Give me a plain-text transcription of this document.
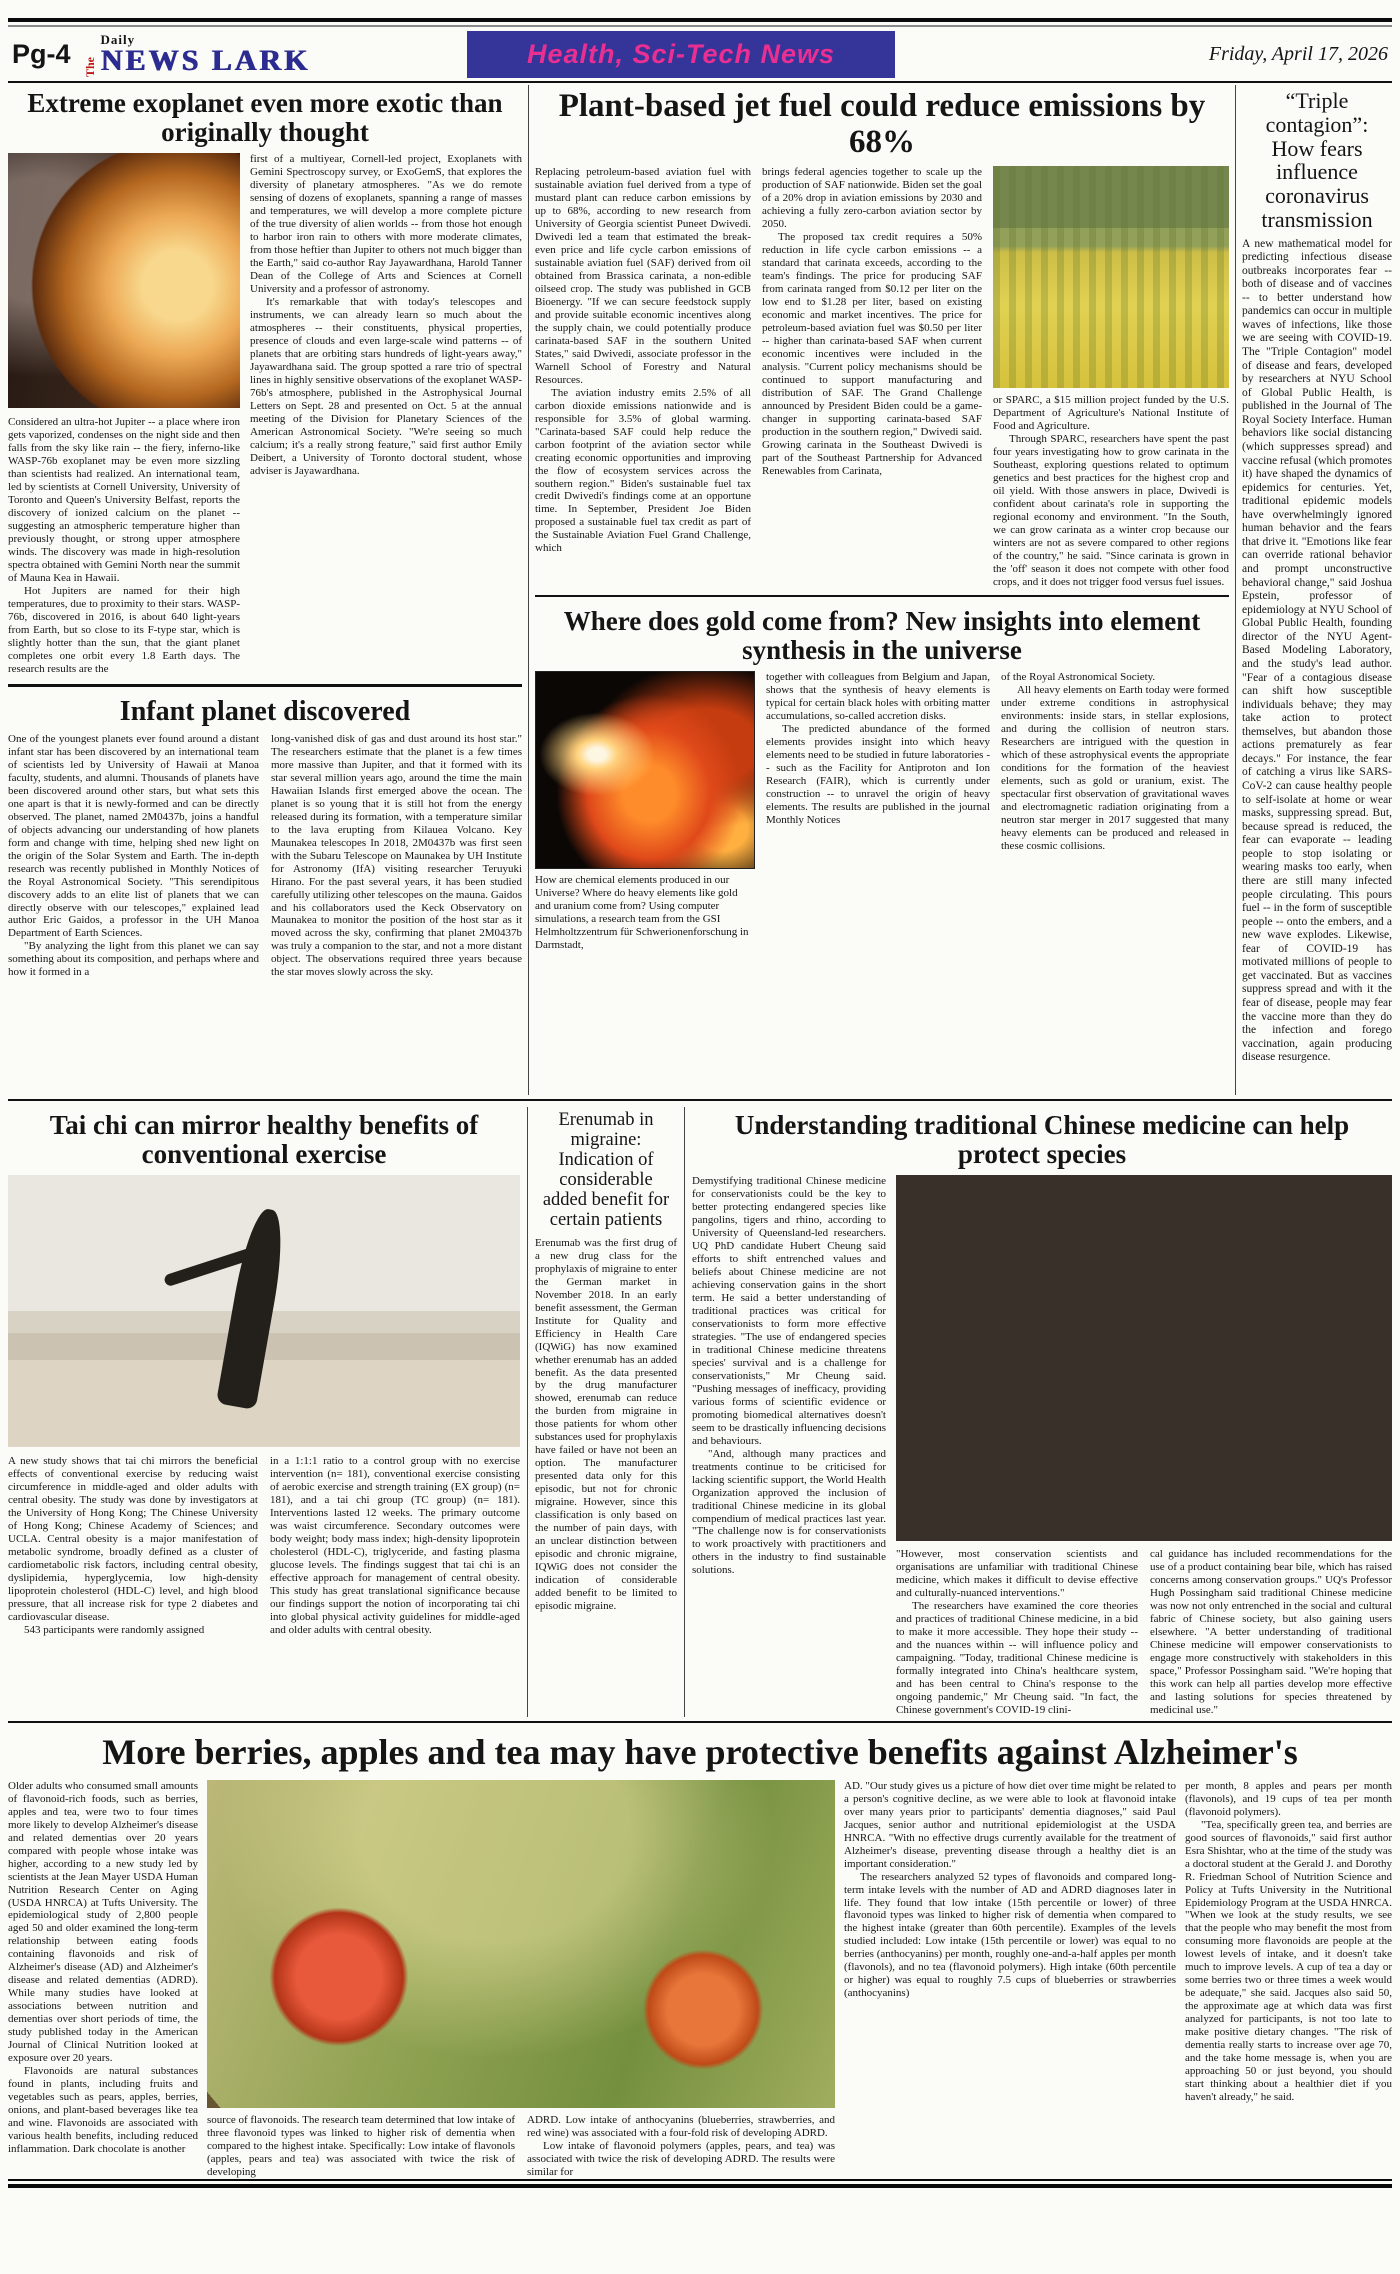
Pg-4 The
Daily
NEWS LARK	Health, Sci-Tech News	Friday, April 17, 2026
Extreme exoplanet even more exotic than originally thought

Considered an ultra-hot Jupiter -- a place where iron gets vaporized, condenses on the night side and then falls from the sky like rain -- the fiery, inferno-like WASP-76b exoplanet may be even more sizzling than scientists had realized. An international team, led by scientists at Cornell University, University of Toronto and Queen's University Belfast, reports the discovery of ionized calcium on the planet -- suggesting an atmospheric temperature higher than previously thought, or strong upper atmosphere winds. The discovery was made in high-resolution spectra obtained with Gemini North near the summit of Mauna Kea in Hawaii.

Hot Jupiters are named for their high temperatures, due to proximity to their stars. WASP-76b, discovered in 2016, is about 640 light-years from Earth, but so close to its F-type star, which is slightly hotter than the sun, that the giant planet completes one orbit every 1.8 Earth days. The research results are the

first of a multiyear, Cornell-led project, Exoplanets with Gemini Spectroscopy survey, or ExoGemS, that explores the diversity of planetary atmospheres. "As we do remote sensing of dozens of exoplanets, spanning a range of masses and temperatures, we will develop a more complete picture of the true diversity of alien worlds -- from those hot enough to harbor iron rain to others with more moderate climates, from those heftier than Jupiter to others not much bigger than the Earth," said co-author Ray Jayawardhana, Harold Tanner Dean of the College of Arts and Sciences at Cornell University and a professor of astronomy.

It's remarkable that with today's telescopes and instruments, we can already learn so much about the atmospheres -- their constituents, physical properties, presence of clouds and even large-scale wind patterns -- of planets that are orbiting stars hundreds of light-years away," Jayawardhana said. The group spotted a rare trio of spectral lines in highly sensitive observations of the exoplanet WASP-76b's atmosphere, published in the Astrophysical Journal Letters on Sept. 28 and presented on Oct. 5 at the annual meeting of the Division for Planetary Sciences of the American Astronomical Society. "We're seeing so much calcium; it's a really strong feature," said first author Emily Deibert, a University of Toronto doctoral student, whose adviser is Jayawardhana.

Infant planet discovered

One of the youngest planets ever found around a distant infant star has been discovered by an international team of scientists led by University of Hawaii at Manoa faculty, students, and alumni. Thousands of planets have been discovered around other stars, but what sets this one apart is that it is newly-formed and can be directly observed. The planet, named 2M0437b, joins a handful of objects advancing our understanding of how planets form and change with time, helping shed new light on the origin of the Solar System and Earth. The in-depth research was recently published in Monthly Notices of the Royal Astronomical Society. "This serendipitous discovery adds to an elite list of planets that we can directly observe with our telescopes," explained lead author Eric Gaidos, a professor in the UH Manoa Department of Earth Sciences.

"By analyzing the light from this planet we can say something about its composition, and perhaps where and how it formed in a

long-vanished disk of gas and dust around its host star." The researchers estimate that the planet is a few times more massive than Jupiter, and that it formed with its star several million years ago, around the time the main Hawaiian Islands first emerged above the ocean. The planet is so young that it is still hot from the energy released during its formation, with a temperature similar to the lava erupting from Kilauea Volcano. Key Maunakea telescopes In 2018, 2M0437b was first seen with the Subaru Telescope on Maunakea by UH Institute for Astronomy (IfA) visiting researcher Teruyuki Hirano. For the past several years, it has been studied carefully utilizing other telescopes on the mauna. Gaidos and his collaborators used the Keck Observatory on Maunakea to monitor the position of the host star as it moved across the sky, confirming that planet 2M0437b was truly a companion to the star, and not a more distant object. The observations required three years because the star moves slowly across the sky.

Plant-based jet fuel could reduce emissions by 68%

Replacing petroleum-based aviation fuel with sustainable aviation fuel derived from a type of mustard plant can reduce carbon emissions by up to 68%, according to new research from University of Georgia scientist Puneet Dwivedi. Dwivedi led a team that estimated the break-even price and life cycle carbon emissions of sustainable aviation fuel (SAF) derived from oil obtained from Brassica carinata, a non-edible oilseed crop. The study was published in GCB Bioenergy. "If we can secure feedstock supply and provide suitable economic incentives along the supply chain, we could potentially produce carinata-based SAF in the southern United States," said Dwivedi, associate professor in the Warnell School of Forestry and Natural Resources.

The aviation industry emits 2.5% of all carbon dioxide emissions nationwide and is responsible for 3.5% of global warming. "Carinata-based SAF could help reduce the carbon footprint of the aviation sector while creating economic opportunities and improving the flow of ecosystem services across the southern region." Biden's sustainable fuel tax credit Dwivedi's findings come at an opportune time. In September, President Joe Biden proposed a sustainable fuel tax credit as part of the Sustainable Aviation Fuel Grand Challenge, which

brings federal agencies together to scale up the production of SAF nationwide. Biden set the goal of a 20% drop in aviation emissions by 2030 and achieving a fully zero-carbon aviation sector by 2050.

The proposed tax credit requires a 50% reduction in life cycle carbon emissions -- a standard that carinata exceeds, according to the team's findings. The price for producing SAF from carinata ranged from $0.12 per liter on the low end to $1.28 per liter, based on existing economic and market incentives. The price for petroleum-based aviation fuel was $0.50 per liter -- higher than carinata-based SAF when current economic incentives were included in the analysis. "Current policy mechanisms should be continued to support manufacturing and distribution of SAF. The Grand Challenge announced by President Biden could be a game-changer in supporting carinata-based SAF production in the southern region," Dwivedi said. Growing carinata in the Southeast Dwivedi is part of the Southeast Partnership for Advanced Renewables from Carinata,

or SPARC, a $15 million project funded by the U.S. Department of Agriculture's National Institute of Food and Agriculture.

Through SPARC, researchers have spent the past four years investigating how to grow carinata in the Southeast, exploring questions related to optimum genetics and best practices for the highest crop and oil yield. With those answers in place, Dwivedi is confident about carinata's role in supporting the regional economy and environment. "In the South, we can grow carinata as a winter crop because our winters are not as severe compared to other regions of the country," he said. "Since carinata is grown in the 'off' season it does not compete with other food crops, and it does not trigger food versus fuel issues.

Where does gold come from? New insights into element synthesis in the universe
How are chemical elements produced in our Universe? Where do heavy elements like gold and uranium come from? Using computer simulations, a research team from the GSI Helmholtzzentrum für Schwerionenforschung in Darmstadt,

together with colleagues from Belgium and Japan, shows that the synthesis of heavy elements is typical for certain black holes with orbiting matter accumulations, so-called accretion disks.

The predicted abundance of the formed elements provides insight into which heavy elements need to be studied in future laboratories -- such as the Facility for Antiproton and Ion Research (FAIR), which is currently under construction -- to unravel the origin of heavy elements. The results are published in the journal Monthly Notices

of the Royal Astronomical Society.

All heavy elements on Earth today were formed under extreme conditions in astrophysical environments: inside stars, in stellar explosions, and during the collision of neutron stars. Researchers are intrigued with the question in which of these astrophysical events the appropriate conditions for the formation of the heaviest elements, such as gold or uranium, exist. The spectacular first observation of gravitational waves and electromagnetic radiation originating from a neutron star merger in 2017 suggested that many heavy elements can be produced and released in these cosmic collisions.

“Triple contagion”: How fears influence coronavirus transmission

A new mathematical model for predicting infectious disease outbreaks incorporates fear -- both of disease and of vaccines -- to better understand how pandemics can occur in multiple waves of infections, like those we are seeing with COVID-19. The "Triple Contagion" model of disease and fears, developed by researchers at NYU School of Global Public Health, is published in the Journal of The Royal Society Interface. Human behaviors like social distancing (which suppresses spread) and vaccine refusal (which promotes it) have shaped the dynamics of epidemics for centuries. Yet, traditional epidemic models have overwhelmingly ignored human behavior and the fears that drive it. "Emotions like fear can override rational behavior and prompt unconstructive behavioral change," said Joshua Epstein, professor of epidemiology at NYU School of Global Public Health, founding director of the NYU Agent-Based Modeling Laboratory, and the study's lead author. "Fear of a contagious disease can shift how susceptible individuals behave; they may take action to protect themselves, but abandon those actions prematurely as fear decays." For instance, the fear of catching a virus like SARS-CoV-2 can cause healthy people to self-isolate at home or wear masks, suppressing spread. But, because spread is reduced, the fear can evaporate -- leading people to stop isolating or wearing masks too early, when there are still many infected people circulating. This pours fuel -- in the form of susceptible people -- onto the embers, and a new wave explodes. Likewise, fear of COVID-19 has motivated millions of people to get vaccinated. But as vaccines suppress spread and with it the fear of disease, people may fear the vaccine more than they do the infection and forego vaccination, again producing disease resurgence.

Tai chi can mirror healthy benefits of conventional exercise

A new study shows that tai chi mirrors the beneficial effects of conventional exercise by reducing waist circumference in middle-aged and older adults with central obesity. The study was done by investigators at the University of Hong Kong; The Chinese University of Hong Kong; Chinese Academy of Sciences; and UCLA. Central obesity is a major manifestation of metabolic syndrome, broadly defined as a cluster of cardiometabolic risk factors, including central obesity, dyslipidemia, hyperglycemia, low high-density lipoprotein cholesterol (HDL-C) level, and high blood pressure, that all increase risk for type 2 diabetes and cardiovascular disease.

543 participants were randomly assigned

in a 1:1:1 ratio to a control group with no exercise intervention (n= 181), conventional exercise consisting of aerobic exercise and strength training (EX group) (n= 181), and a tai chi group (TC group) (n= 181). Interventions lasted 12 weeks. The primary outcome was waist circumference. Secondary outcomes were body weight; body mass index; high-density lipoprotein cholesterol (HDL-C), triglyceride, and fasting plasma glucose levels. The findings suggest that tai chi is an effective approach for management of central obesity. This study has great translational significance because our findings support the notion of incorporating tai chi into global physical activity guidelines for middle-aged and older adults with central obesity.

Erenumab in migraine: Indication of considerable added benefit for certain patients

Erenumab was the first drug of a new drug class for the prophylaxis of migraine to enter the German market in November 2018. In an early benefit assessment, the German Institute for Quality and Efficiency in Health Care (IQWiG) has now examined whether erenumab has an added benefit. As the data presented by the drug manufacturer showed, erenumab can reduce the burden from migraine in those patients for whom other substances used for prophylaxis have failed or have not been an option. The manufacturer presented data only for this episodic, but not for chronic migraine. However, since this classification is only based on the number of pain days, with an unclear distinction between episodic and chronic migraine, IQWiG does not consider the indication of considerable added benefit to be limited to episodic migraine.

Understanding traditional Chinese medicine can help protect species

Demystifying traditional Chinese medicine for conservationists could be the key to better protecting endangered species like pangolins, tigers and rhino, according to University of Queensland-led researchers. UQ PhD candidate Hubert Cheung said efforts to shift entrenched values and beliefs about Chinese medicine are not achieving conservation gains in the short term. He said a better understanding of traditional practices was critical for conservationists to form more effective strategies. "The use of endangered species in traditional Chinese medicine threatens species' survival and is a challenge for conservationists," Mr Cheung said. "Pushing messages of inefficacy, providing various forms of scientific evidence or promoting biomedical alternatives doesn't seem to be drastically influencing decisions and behaviours.

"And, although many practices and treatments continue to be criticised for lacking scientific support, the World Health Organization approved the inclusion of traditional Chinese medicine in its global compendium of medical practices last year. "The challenge now is for conservationists to work proactively with practitioners and others in the industry to find sustainable solutions.

"However, most conservation scientists and organisations are unfamiliar with traditional Chinese medicine, which makes it difficult to devise effective and culturally-nuanced interventions."

The researchers have examined the core theories and practices of traditional Chinese medicine, in a bid to make it more accessible. They hope their study -- and the nuances within -- will influence policy and campaigning. "Today, traditional Chinese medicine is formally integrated into China's healthcare system, and has been central to China's response to the ongoing pandemic," Mr Cheung said. "In fact, the Chinese government's COVID-19 clini-

cal guidance has included recommendations for the use of a product containing bear bile, which has raised concerns among conservation groups." UQ's Professor Hugh Possingham said traditional Chinese medicine was now not only entrenched in the social and cultural fabric of Chinese society, but also gaining users elsewhere. "A better understanding of traditional Chinese medicine will empower conservationists to engage more constructively with stakeholders in this space," Professor Possingham said. "We're hoping that this work can help all parties develop more effective and lasting solutions for species threatened by medicinal use."

More berries, apples and tea may have protective benefits against Alzheimer's

Older adults who consumed small amounts of flavonoid-rich foods, such as berries, apples and tea, were two to four times more likely to develop Alzheimer's disease and related dementias over 20 years compared with people whose intake was higher, according to a new study led by scientists at the Jean Mayer USDA Human Nutrition Research Center on Aging (USDA HNRCA) at Tufts University. The epidemiological study of 2,800 people aged 50 and older examined the long-term relationship between eating foods containing flavonoids and risk of Alzheimer's disease (AD) and Alzheimer's disease and related dementias (ADRD). While many studies have looked at associations between nutrition and dementias over short periods of time, the study published today in the American Journal of Clinical Nutrition looked at exposure over 20 years.

Flavonoids are natural substances found in plants, including fruits and vegetables such as pears, apples, berries, onions, and plant-based beverages like tea and wine. Flavonoids are associated with various health benefits, including reduced inflammation. Dark chocolate is another

source of flavonoids. The research team determined that low intake of three flavonoid types was linked to higher risk of dementia when compared to the highest intake. Specifically: Low intake of flavonols (apples, pears and tea) was associated with twice the risk of developing

ADRD. Low intake of anthocyanins (blueberries, strawberries, and red wine) was associated with a four-fold risk of developing ADRD.

Low intake of flavonoid polymers (apples, pears, and tea) was associated with twice the risk of developing ADRD. The results were similar for

AD. "Our study gives us a picture of how diet over time might be related to a person's cognitive decline, as we were able to look at flavonoid intake over many years prior to participants' dementia diagnoses," said Paul Jacques, senior author and nutritional epidemiologist at the USDA HNRCA. "With no effective drugs currently available for the treatment of Alzheimer's disease, preventing disease through a healthy diet is an important consideration."

The researchers analyzed 52 types of flavonoids and compared long-term intake levels with the number of AD and ADRD diagnoses later in life. They found that low intake (15th percentile or lower) of three flavonoid types was linked to higher risk of dementia when compared to the highest intake (greater than 60th percentile). Examples of the levels studied included: Low intake (15th percentile or lower) was equal to no berries (anthocyanins) per month, roughly one-and-a-half apples per month (flavonols), and no tea (flavonoid polymers). High intake (60th percentile or higher) was equal to roughly 7.5 cups of blueberries or strawberries (anthocyanins)

per month, 8 apples and pears per month (flavonols), and 19 cups of tea per month (flavonoid polymers).

"Tea, specifically green tea, and berries are good sources of flavonoids," said first author Esra Shishtar, who at the time of the study was a doctoral student at the Gerald J. and Dorothy R. Friedman School of Nutrition Science and Policy at Tufts University in the Nutritional Epidemiology Program at the USDA HNRCA. "When we look at the study results, we see that the people who may benefit the most from consuming more flavonoids are people at the lowest levels of intake, and it doesn't take much to improve levels. A cup of tea a day or some berries two or three times a week would be adequate," she said. Jacques also said 50, the approximate age at which data was first analyzed for participants, is not too late to make positive dietary changes. "The risk of dementia really starts to increase over age 70, and the take home message is, when you are approaching 50 or just beyond, you should start thinking about a healthier diet if you haven't already," he said.
